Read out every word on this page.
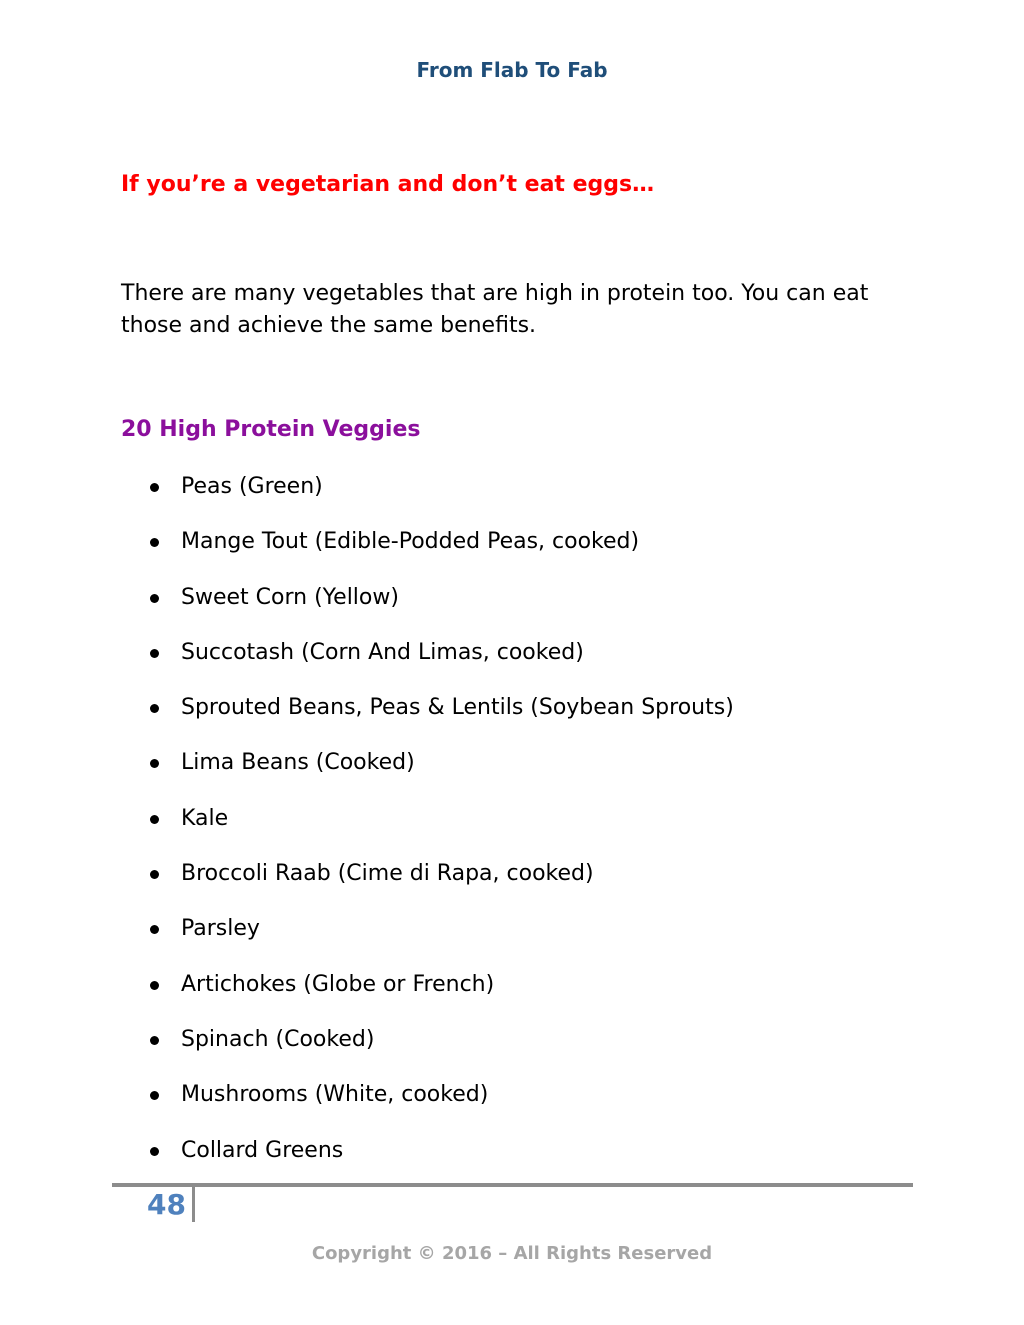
From Flab To Fab
If you’re a vegetarian and don’t eat eggs…

There are many vegetables that are high in protein too. You can eat those and achieve the same benefits.

20 High Protein Veggies
Peas (Green)
Mange Tout (Edible-Podded Peas, cooked)
Sweet Corn (Yellow)
Succotash (Corn And Limas, cooked)
Sprouted Beans, Peas & Lentils (Soybean Sprouts)
Lima Beans (Cooked)
Kale
Broccoli Raab (Cime di Rapa, cooked)
Parsley
Artichokes (Globe or French)
Spinach (Cooked)
Mushrooms (White, cooked)
Collard Greens
48
Copyright © 2016 – All Rights Reserved
